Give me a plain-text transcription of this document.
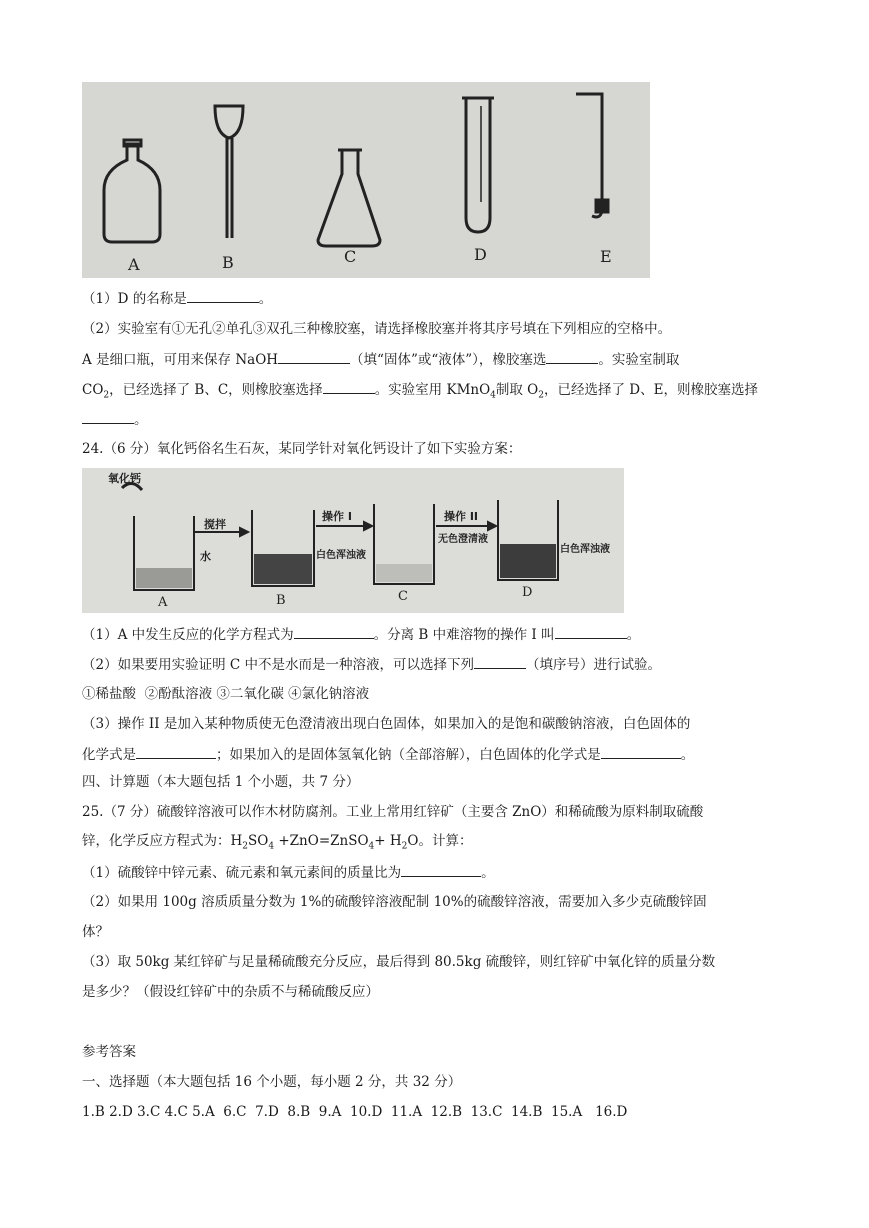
A	B	C	D	E
（1）D 的名称是	。
（2）实验室有①无孔②单孔③双孔三种橡胶塞，请选择橡胶塞并将其序号填在下列相应的空格中。
A 是细口瓶，可用来保存 NaOH	（填“固体”或“液体”），橡胶塞选	。实验室制取
$CO_2$，已经选择了 B、C，则橡胶塞选择	。实验室用 KMnO$_4$制取 $O_2$，已经选择了 D、E，则橡胶塞选择
。
24.（6 分）氧化钙俗名生石灰，某同学针对氧化钙设计了如下实验方案：
氧化钙
水
搅拌
操作 I	操作 II
白色浑浊液
无色澄清液
白色浑浊液
A	B	C	D
（1）A 中发生反应的化学方程式为	。分离 B 中难溶物的操作 I 叫	。
（2）如果要用实验证明 C 中不是水而是一种溶液，可以选择下列	（填序号）进行试验。
①稀盐酸  ②酚酞溶液 ③二氧化碳 ④氯化钠溶液
（3）操作 II 是加入某种物质使无色澄清液出现白色固体，如果加入的是饱和碳酸钠溶液，白色固体的
化学式是	；如果加入的是固体氢氧化钠（全部溶解），白色固体的化学式是	。
四、计算题（本大题包括 1 个小题，共 7 分）
25.（7 分）硫酸锌溶液可以作木材防腐剂。工业上常用红锌矿（主要含 ZnO）和稀硫酸为原料制取硫酸
锌，化学反应方程式为：$H_2SO_4$ +ZnO=ZnSO$_4$+ $H_2O$。计算：
（1）硫酸锌中锌元素、硫元素和氧元素间的质量比为	。
（2）如果用 100g 溶质质量分数为 1%的硫酸锌溶液配制 10%的硫酸锌溶液，需要加入多少克硫酸锌固
体？
（3）取 50kg 某红锌矿与足量稀硫酸充分反应，最后得到 80.5kg 硫酸锌，则红锌矿中氧化锌的质量分数
是多少？（假设红锌矿中的杂质不与稀硫酸反应）
参考答案
一、选择题（本大题包括 16 个小题，每小题 2 分，共 32 分）
1.B 2.D 3.C 4.C 5.A  6.C  7.D  8.B  9.A  10.D  11.A  12.B  13.C  14.B  15.A   16.D
